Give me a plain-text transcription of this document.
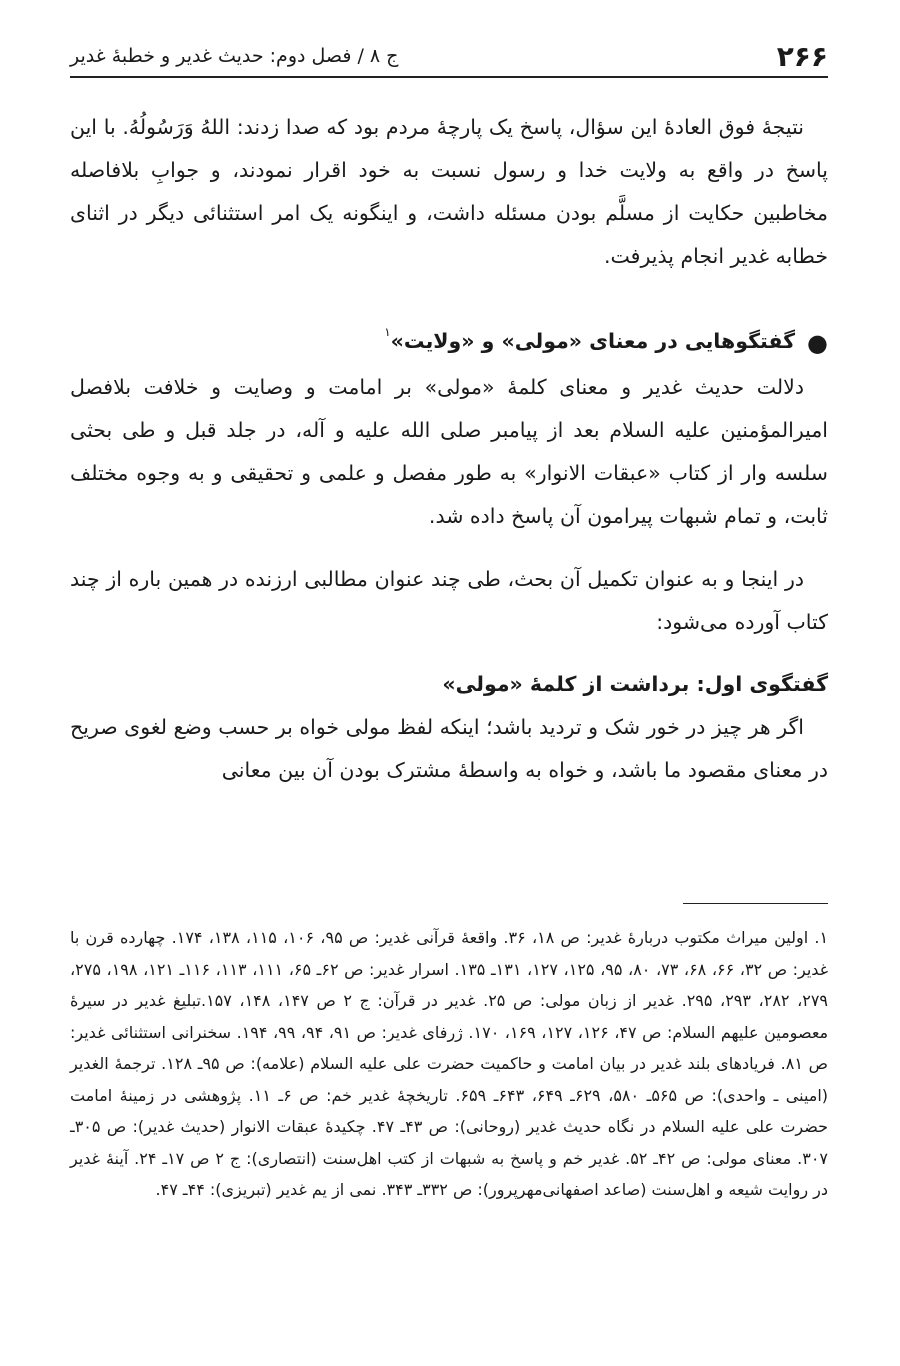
۲۶۶
ج ۸ / فصل دوم: حدیث غدیر و خطبۀ غدیر

نتیجۀ فوق العادۀ این سؤال، پاسخ یک پارچۀ مردم بود که صدا زدند: اللهُ وَرَسُولُهُ. با این پاسخ در واقع به ولایت خدا و رسول نسبت به خود اقرار نمودند، و جوابِ بلافاصله مخاطبین حکایت از مسلَّم بودن مسئله داشت، و اینگونه یک امر استثنائی دیگر در اثنای خطابه غدیر انجام پذیرفت.

●
گفتگوهایی در معنای «مولی» و «ولایت»$^۱$

دلالت حدیث غدیر و معنای کلمۀ «مولی» بر امامت و وصایت و خلافت بلافصل امیرالمؤمنین علیه السلام بعد از پیامبر صلی الله علیه و آله، در جلد قبل و طی بحثی سلسه وار از کتاب «عبقات الانوار» به طور مفصل و علمی و تحقیقی و به وجوه مختلف ثابت، و تمام شبهات پیرامون آن پاسخ داده شد.

در اینجا و به عنوان تکمیل آن بحث، طی چند عنوان مطالبی ارزنده در همین باره از چند کتاب آورده می‌شود:

گفتگوی اول: برداشت از کلمۀ «مولی»

اگر هر چیز در خور شک و تردید باشد؛ اینکه لفظ مولی خواه بر حسب وضع لغوی صریح در معنای مقصود ما باشد، و خواه به واسطۀ مشترک بودن آن بین معانی

۱. اولین میراث مکتوب دربارۀ غدیر: ص ۱۸، ۳۶. واقعۀ قرآنی غدیر: ص ۹۵، ۱۰۶، ۱۱۵، ۱۳۸، ۱۷۴. چهارده قرن با غدیر: ص ۳۲، ۶۶، ۶۸، ۷۳، ۸۰، ۹۵، ۱۲۵، ۱۲۷، ۱۳۱ـ ۱۳۵. اسرار غدیر: ص ۶۲ـ ۶۵، ۱۱۱، ۱۱۳، ۱۱۶ـ ۱۲۱، ۱۹۸، ۲۷۵، ۲۷۹، ۲۸۲، ۲۹۳، ۲۹۵. غدیر از زبان مولی: ص ۲۵. غدیر در قرآن: ج ۲ ص ۱۴۷، ۱۴۸، ۱۵۷.تبلیغ غدیر در سیرۀ معصومین علیهم السلام: ص ۴۷، ۱۲۶، ۱۲۷، ۱۶۹، ۱۷۰. ژرفای غدیر: ص ۹۱، ۹۴، ۹۹، ۱۹۴. سخنرانی استثنائی غدیر: ص ۸۱. فریادهای بلند غدیر در بیان امامت و حاکمیت حضرت علی علیه السلام (علامه): ص ۹۵ـ ۱۲۸. ترجمۀ الغدیر (امینی ـ واحدی): ص ۵۶۵ـ ۵۸۰، ۶۲۹ـ ۶۴۹، ۶۴۳ـ ۶۵۹. تاریخچۀ غدیر خم: ص ۶ـ ۱۱. پژوهشی در زمینۀ امامت حضرت علی علیه السلام در نگاه حدیث غدیر (روحانی): ص ۴۳ـ ۴۷. چکیدۀ عبقات الانوار (حدیث غدیر): ص ۳۰۵ـ ۳۰۷. معنای مولی: ص ۴۲ـ ۵۲. غدیر خم و پاسخ به شبهات از کتب اهل‌سنت (انتصاری): ج ۲ ص ۱۷ـ ۲۴. آینۀ غدیر در روایت شیعه و اهل‌سنت (صاعد اصفهانی‌مهرپرور): ص ۳۳۲ـ ۳۴۳. نمی از یم غدیر (تبریزی): ۴۴ـ ۴۷.
